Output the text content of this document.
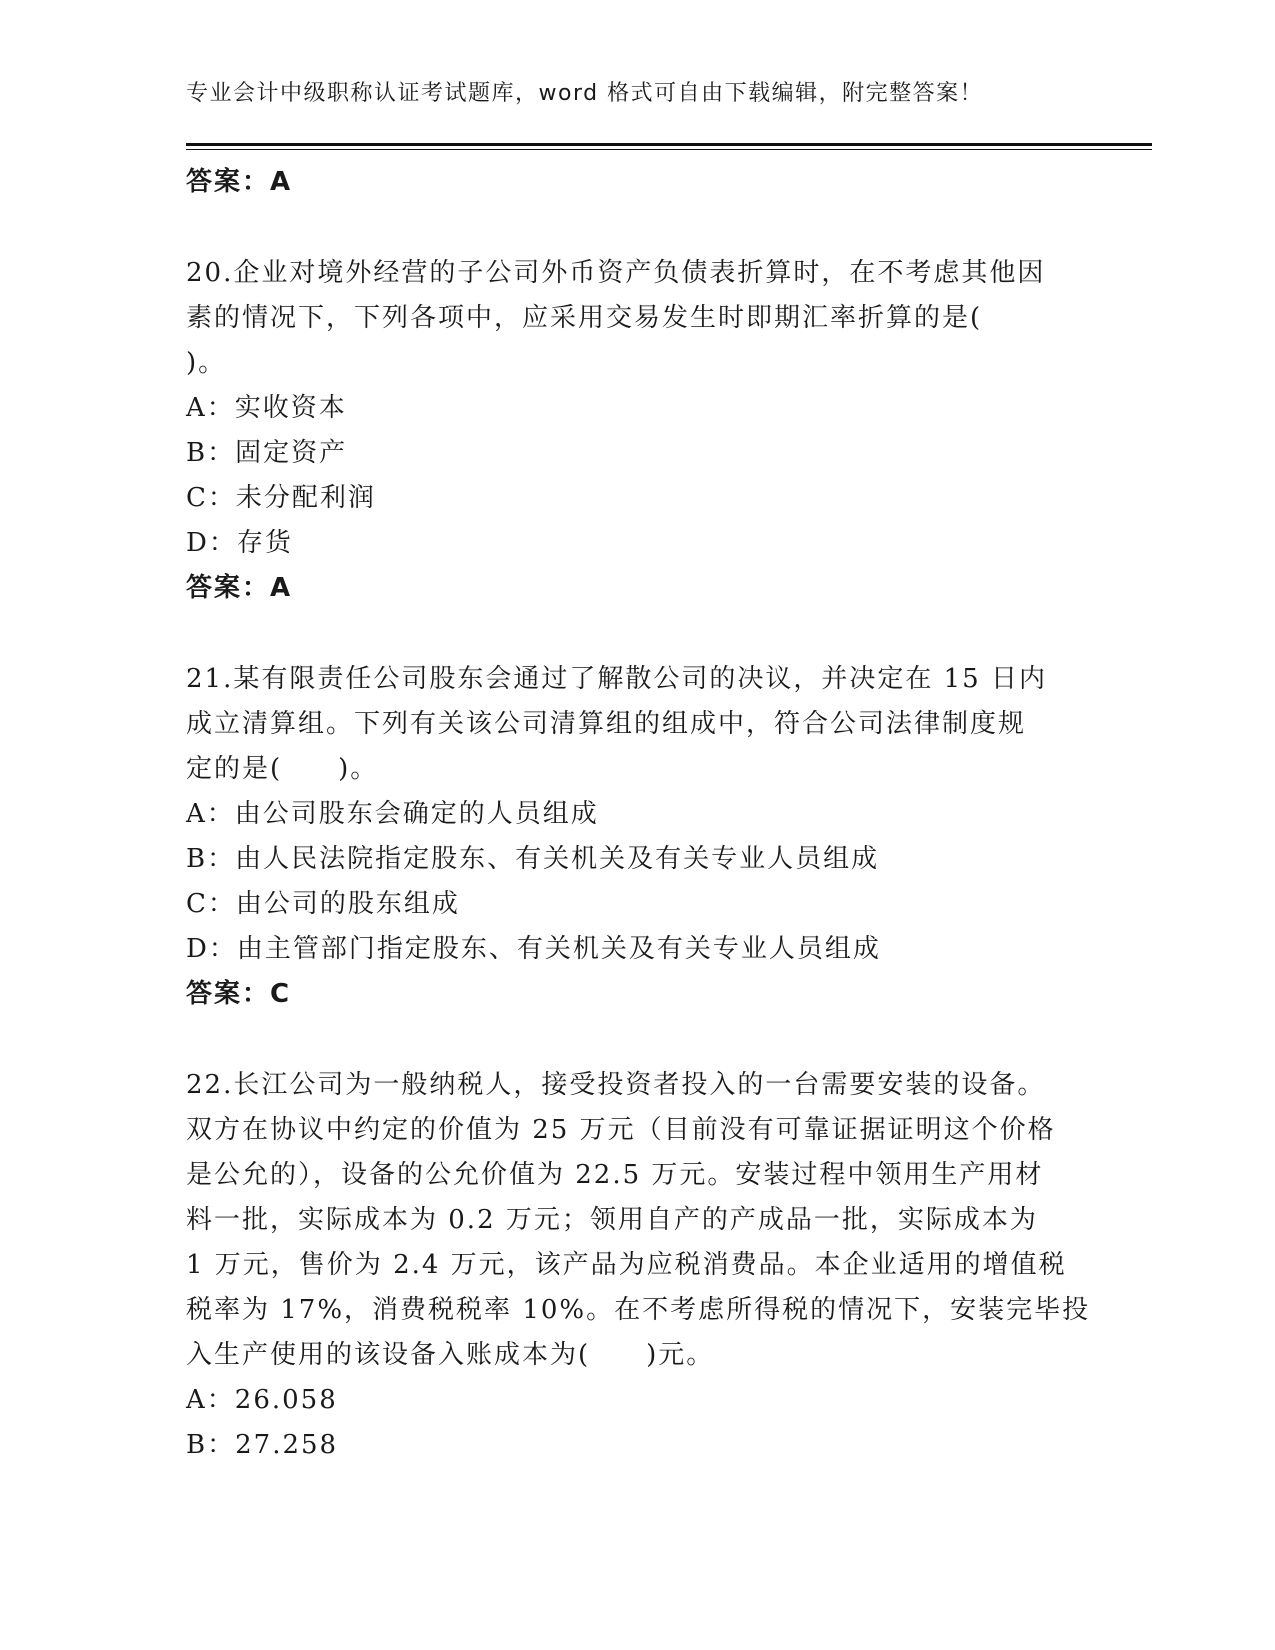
专业会计中级职称认证考试题库，word 格式可自由下载编辑，附完整答案！
答案：A
20.企业对境外经营的子公司外币资产负债表折算时，在不考虑其他因
素的情况下，下列各项中，应采用交易发生时即期汇率折算的是(
)。
A：实收资本
B：固定资产
C：未分配利润
D：存货
答案：A
21.某有限责任公司股东会通过了解散公司的决议，并决定在 15 日内
成立清算组。下列有关该公司清算组的组成中，符合公司法律制度规
定的是(　　)。
A：由公司股东会确定的人员组成
B：由人民法院指定股东、有关机关及有关专业人员组成
C：由公司的股东组成
D：由主管部门指定股东、有关机关及有关专业人员组成
答案：C
22.长江公司为一般纳税人，接受投资者投入的一台需要安装的设备。
双方在协议中约定的价值为 25 万元（目前没有可靠证据证明这个价格
是公允的），设备的公允价值为 22.5 万元。安装过程中领用生产用材
料一批，实际成本为 0.2 万元；领用自产的产成品一批，实际成本为
1 万元，售价为 2.4 万元，该产品为应税消费品。本企业适用的增值税
税率为 17%，消费税税率 10%。在不考虑所得税的情况下，安装完毕投
入生产使用的该设备入账成本为(　　)元。
A：26.058
B：27.258
